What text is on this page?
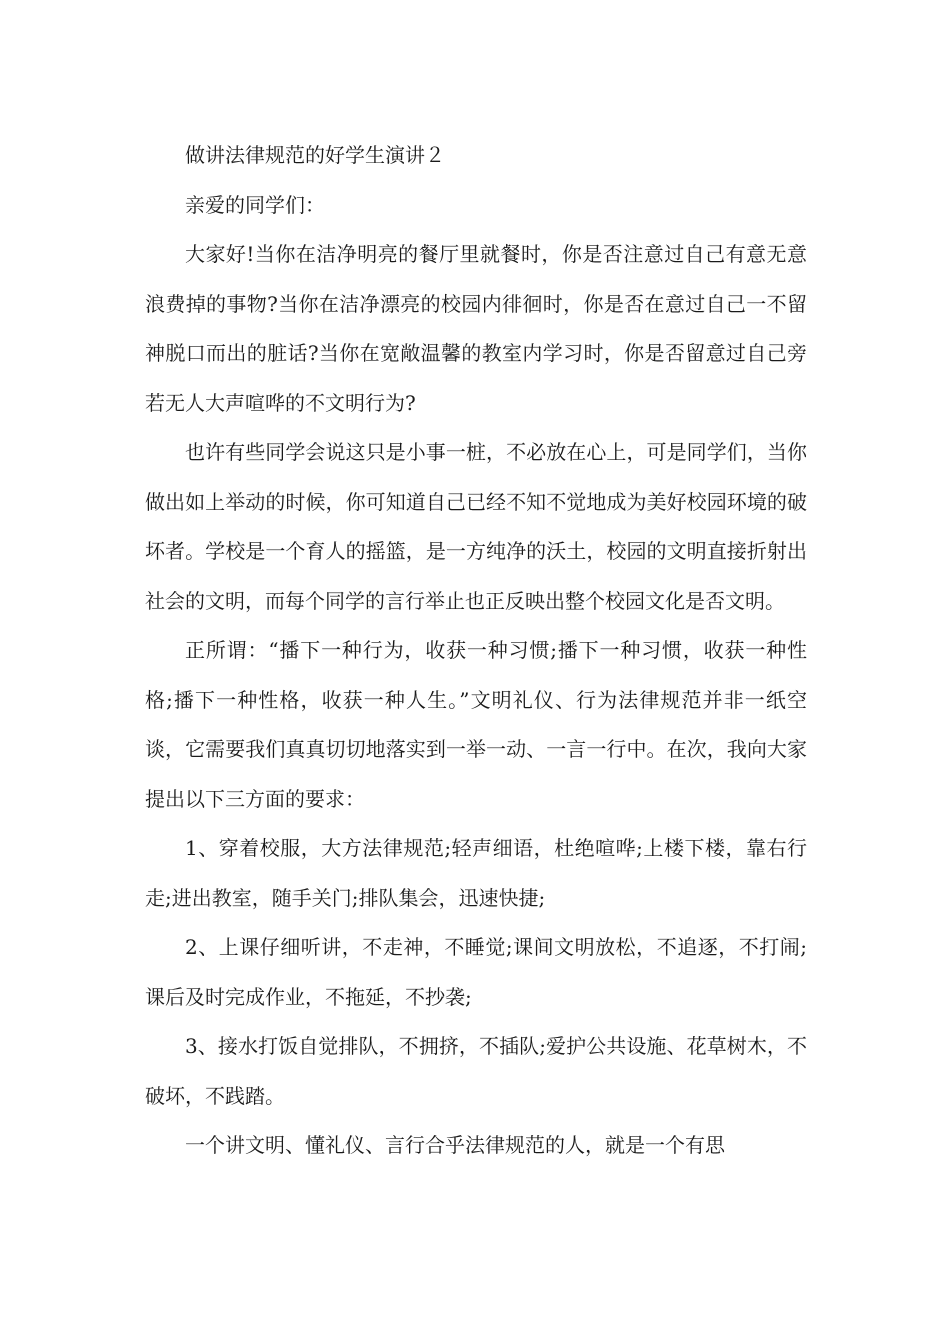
做讲法律规范的好学生演讲２

亲爱的同学们：

大家好!当你在洁净明亮的餐厅里就餐时，你是否注意过自己有意无意浪费掉的事物?当你在洁净漂亮的校园内徘徊时，你是否在意过自己一不留神脱口而出的脏话?当你在宽敞温馨的教室内学习时，你是否留意过自己旁若无人大声喧哗的不文明行为?

也许有些同学会说这只是小事一桩，不必放在心上，可是同学们，当你做出如上举动的时候，你可知道自己已经不知不觉地成为美好校园环境的破坏者。学校是一个育人的摇篮，是一方纯净的沃土，校园的文明直接折射出社会的文明，而每个同学的言行举止也正反映出整个校园文化是否文明。

正所谓：“播下一种行为，收获一种习惯;播下一种习惯，收获一种性格;播下一种性格，收获一种人生。”文明礼仪、行为法律规范并非一纸空谈，它需要我们真真切切地落实到一举一动、一言一行中。在次，我向大家提出以下三方面的要求：

1、穿着校服，大方法律规范;轻声细语，杜绝喧哗;上楼下楼，靠右行走;进出教室，随手关门;排队集会，迅速快捷;

2、上课仔细听讲，不走神，不睡觉;课间文明放松，不追逐，不打闹;课后及时完成作业，不拖延，不抄袭;

3、接水打饭自觉排队，不拥挤，不插队;爱护公共设施、花草树木，不破坏，不践踏。

一个讲文明、懂礼仪、言行合乎法律规范的人，就是一个有思
